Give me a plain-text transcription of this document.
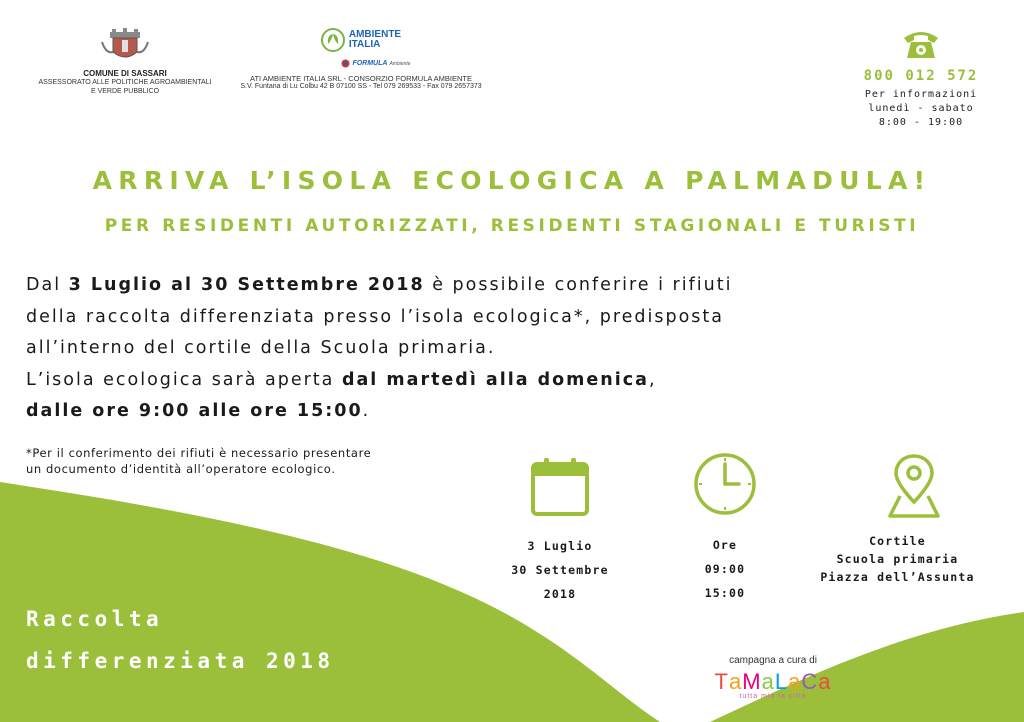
COMUNE DI SASSARI
ASSESSORATO ALLE POLITICHE AGROAMBIENTALI
E VERDE PUBBLICO
AMBIENTE
ITALIA
FORMULA Ambiente
ATI AMBIENTE ITALIA SRL - CONSORZIO FORMULA AMBIENTE
S.V. Funtana di Lu Colbu 42 B 07100 SS - Tel 079 269533 - Fax 079 2657373
800 012 572
Per informazioni
lunedì - sabato
8:00 - 19:00
ARRIVA L’ISOLA ECOLOGICA A PALMADULA!
PER RESIDENTI AUTORIZZATI, RESIDENTI STAGIONALI E TURISTI
Dal 3 Luglio al 30 Settembre 2018 è possibile conferire i rifiuti
della raccolta differenziata presso l’isola ecologica*, predisposta
all’interno del cortile della Scuola primaria.
L’isola ecologica sarà aperta dal martedì alla domenica,
dalle ore 9:00 alle ore 15:00.
*Per il conferimento dei rifiuti è necessario presentare
un documento d’identità all’operatore ecologico.
3 Luglio
30 Settembre
2018
Ore
09:00
15:00
Cortile
Scuola primaria
Piazza dell’Assunta
Raccolta
differenziata 2018	campagna a cura di
TaMaLaCa
tutta mia la città
